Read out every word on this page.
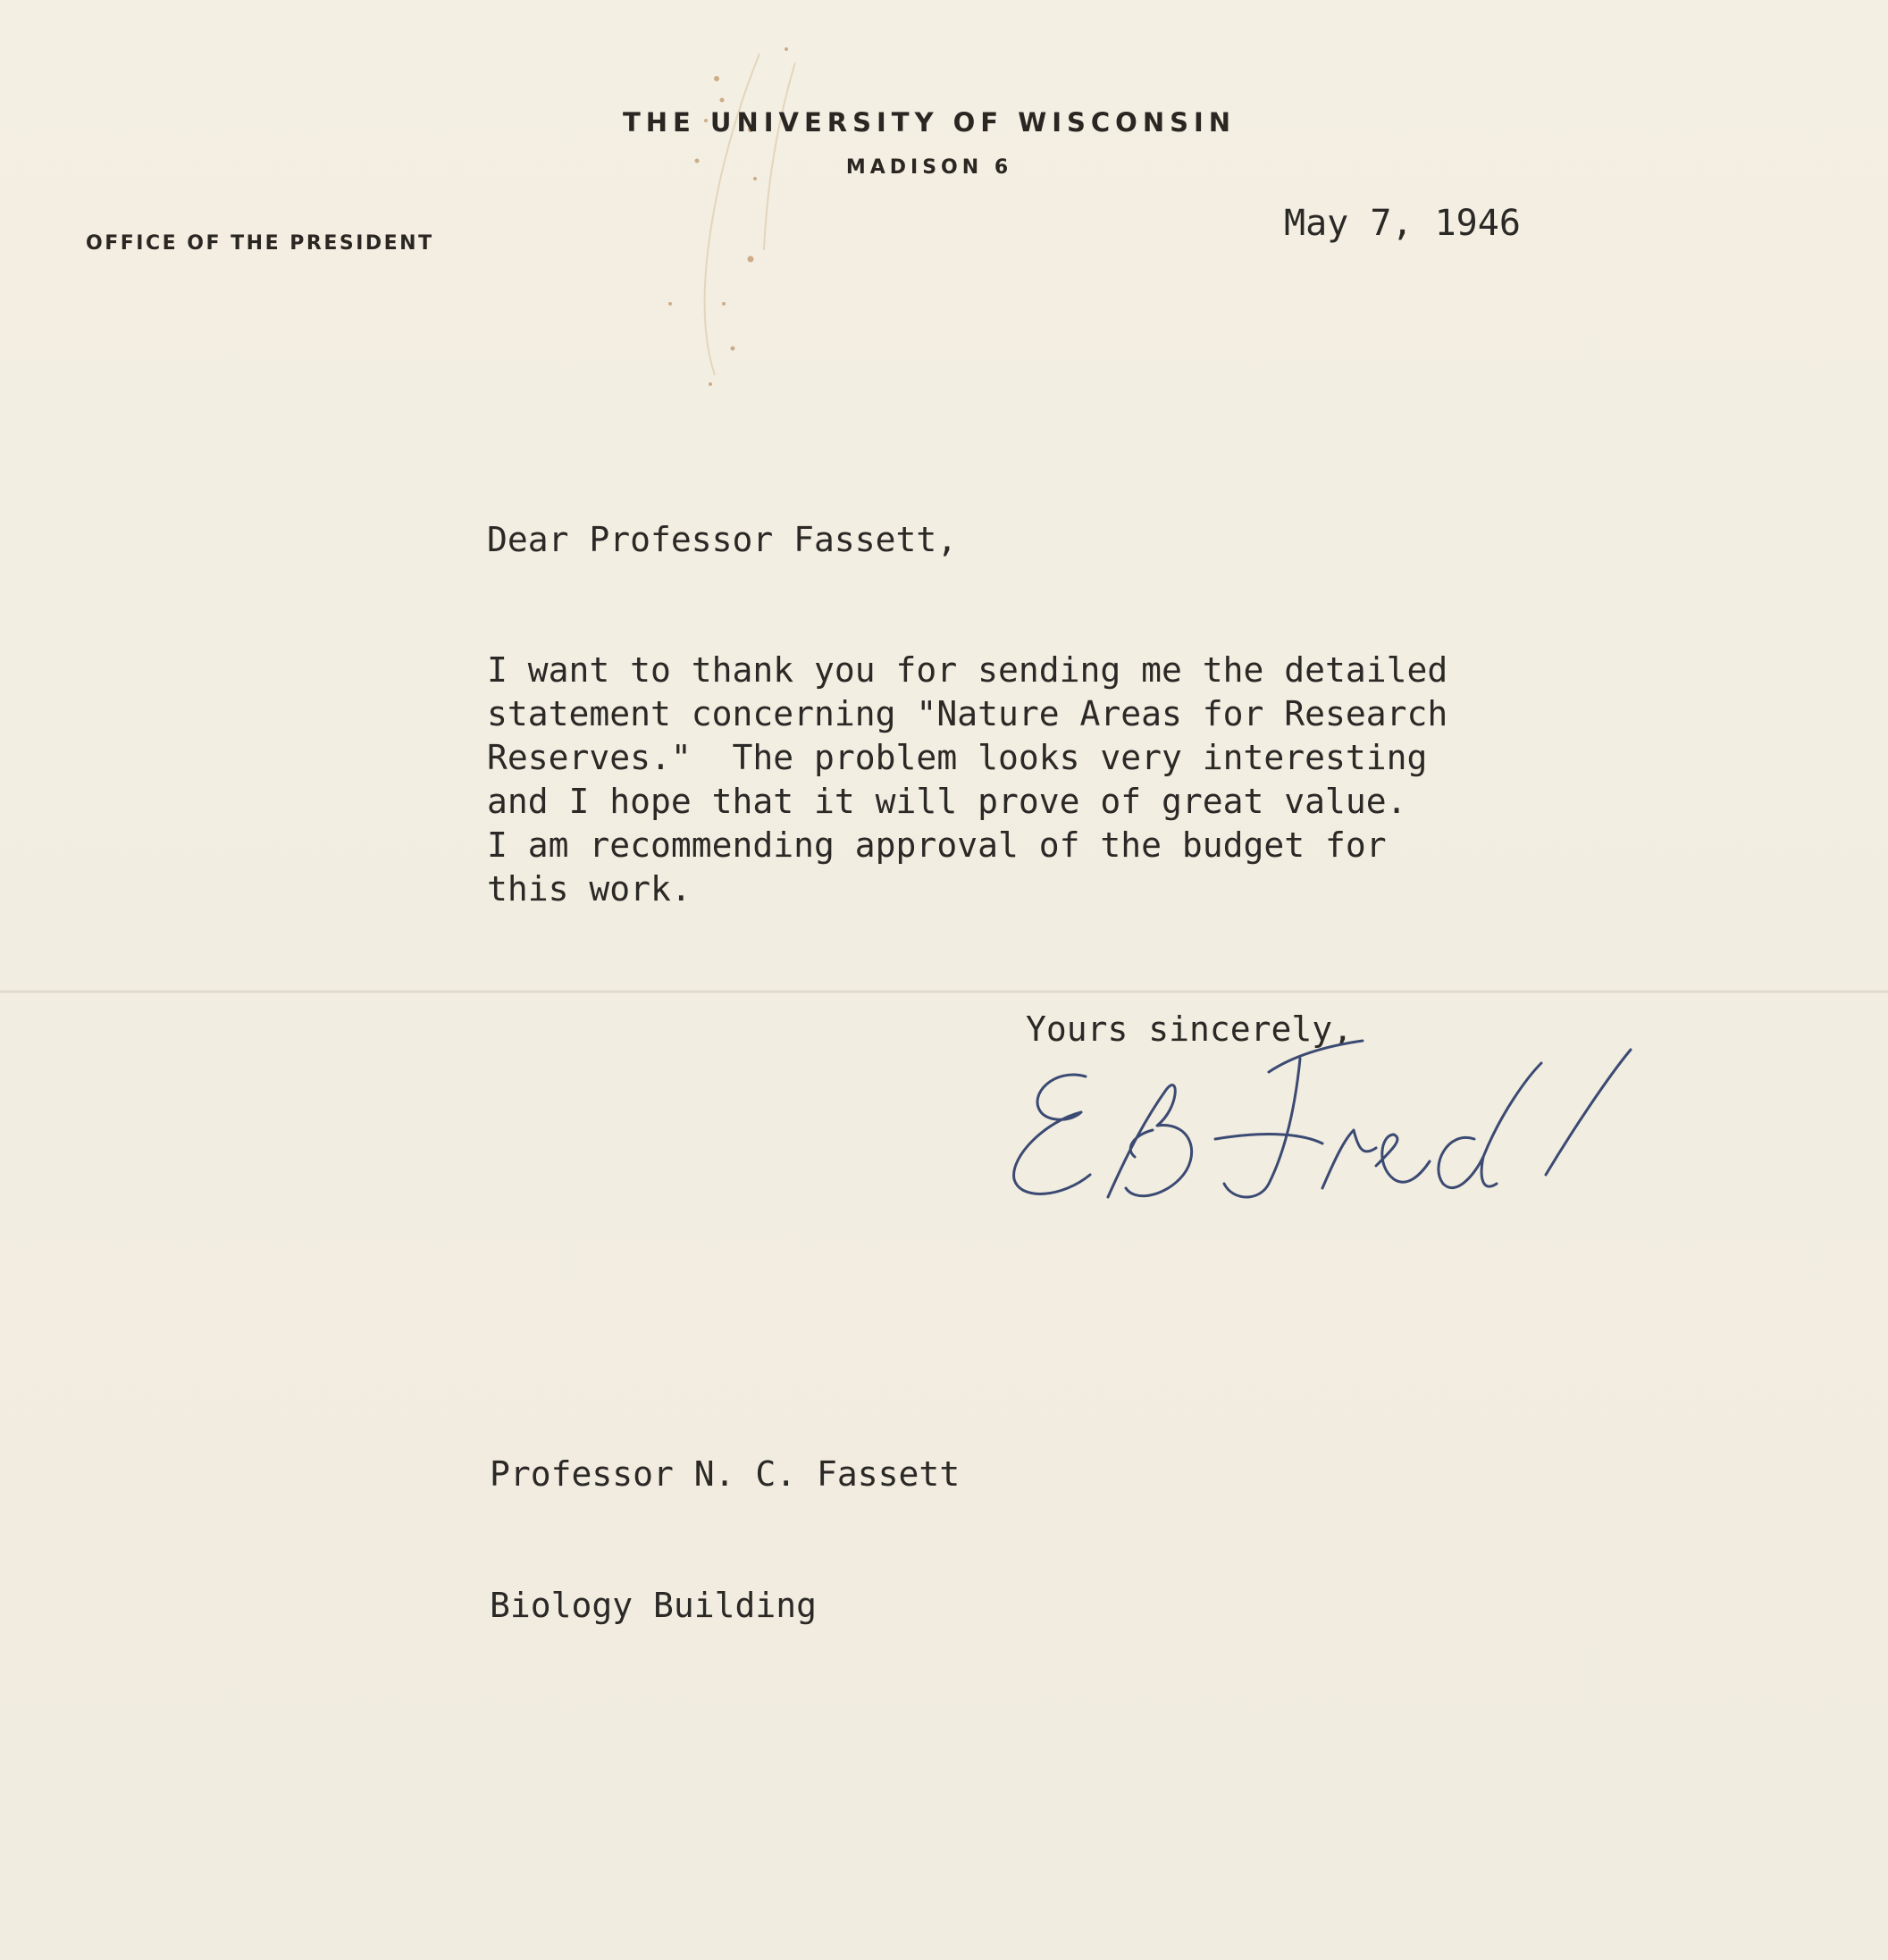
THE UNIVERSITY OF WISCONSIN
MADISON 6
OFFICE OF THE PRESIDENT	May 7, 1946
Dear Professor Fassett,
I want to thank you for sending me the detailed
statement concerning "Nature Areas for Research
Reserves."  The problem looks very interesting
and I hope that it will prove of great value.
I am recommending approval of the budget for
this work.
Yours sincerely,

Professor N. C. Fassett

Biology Building
